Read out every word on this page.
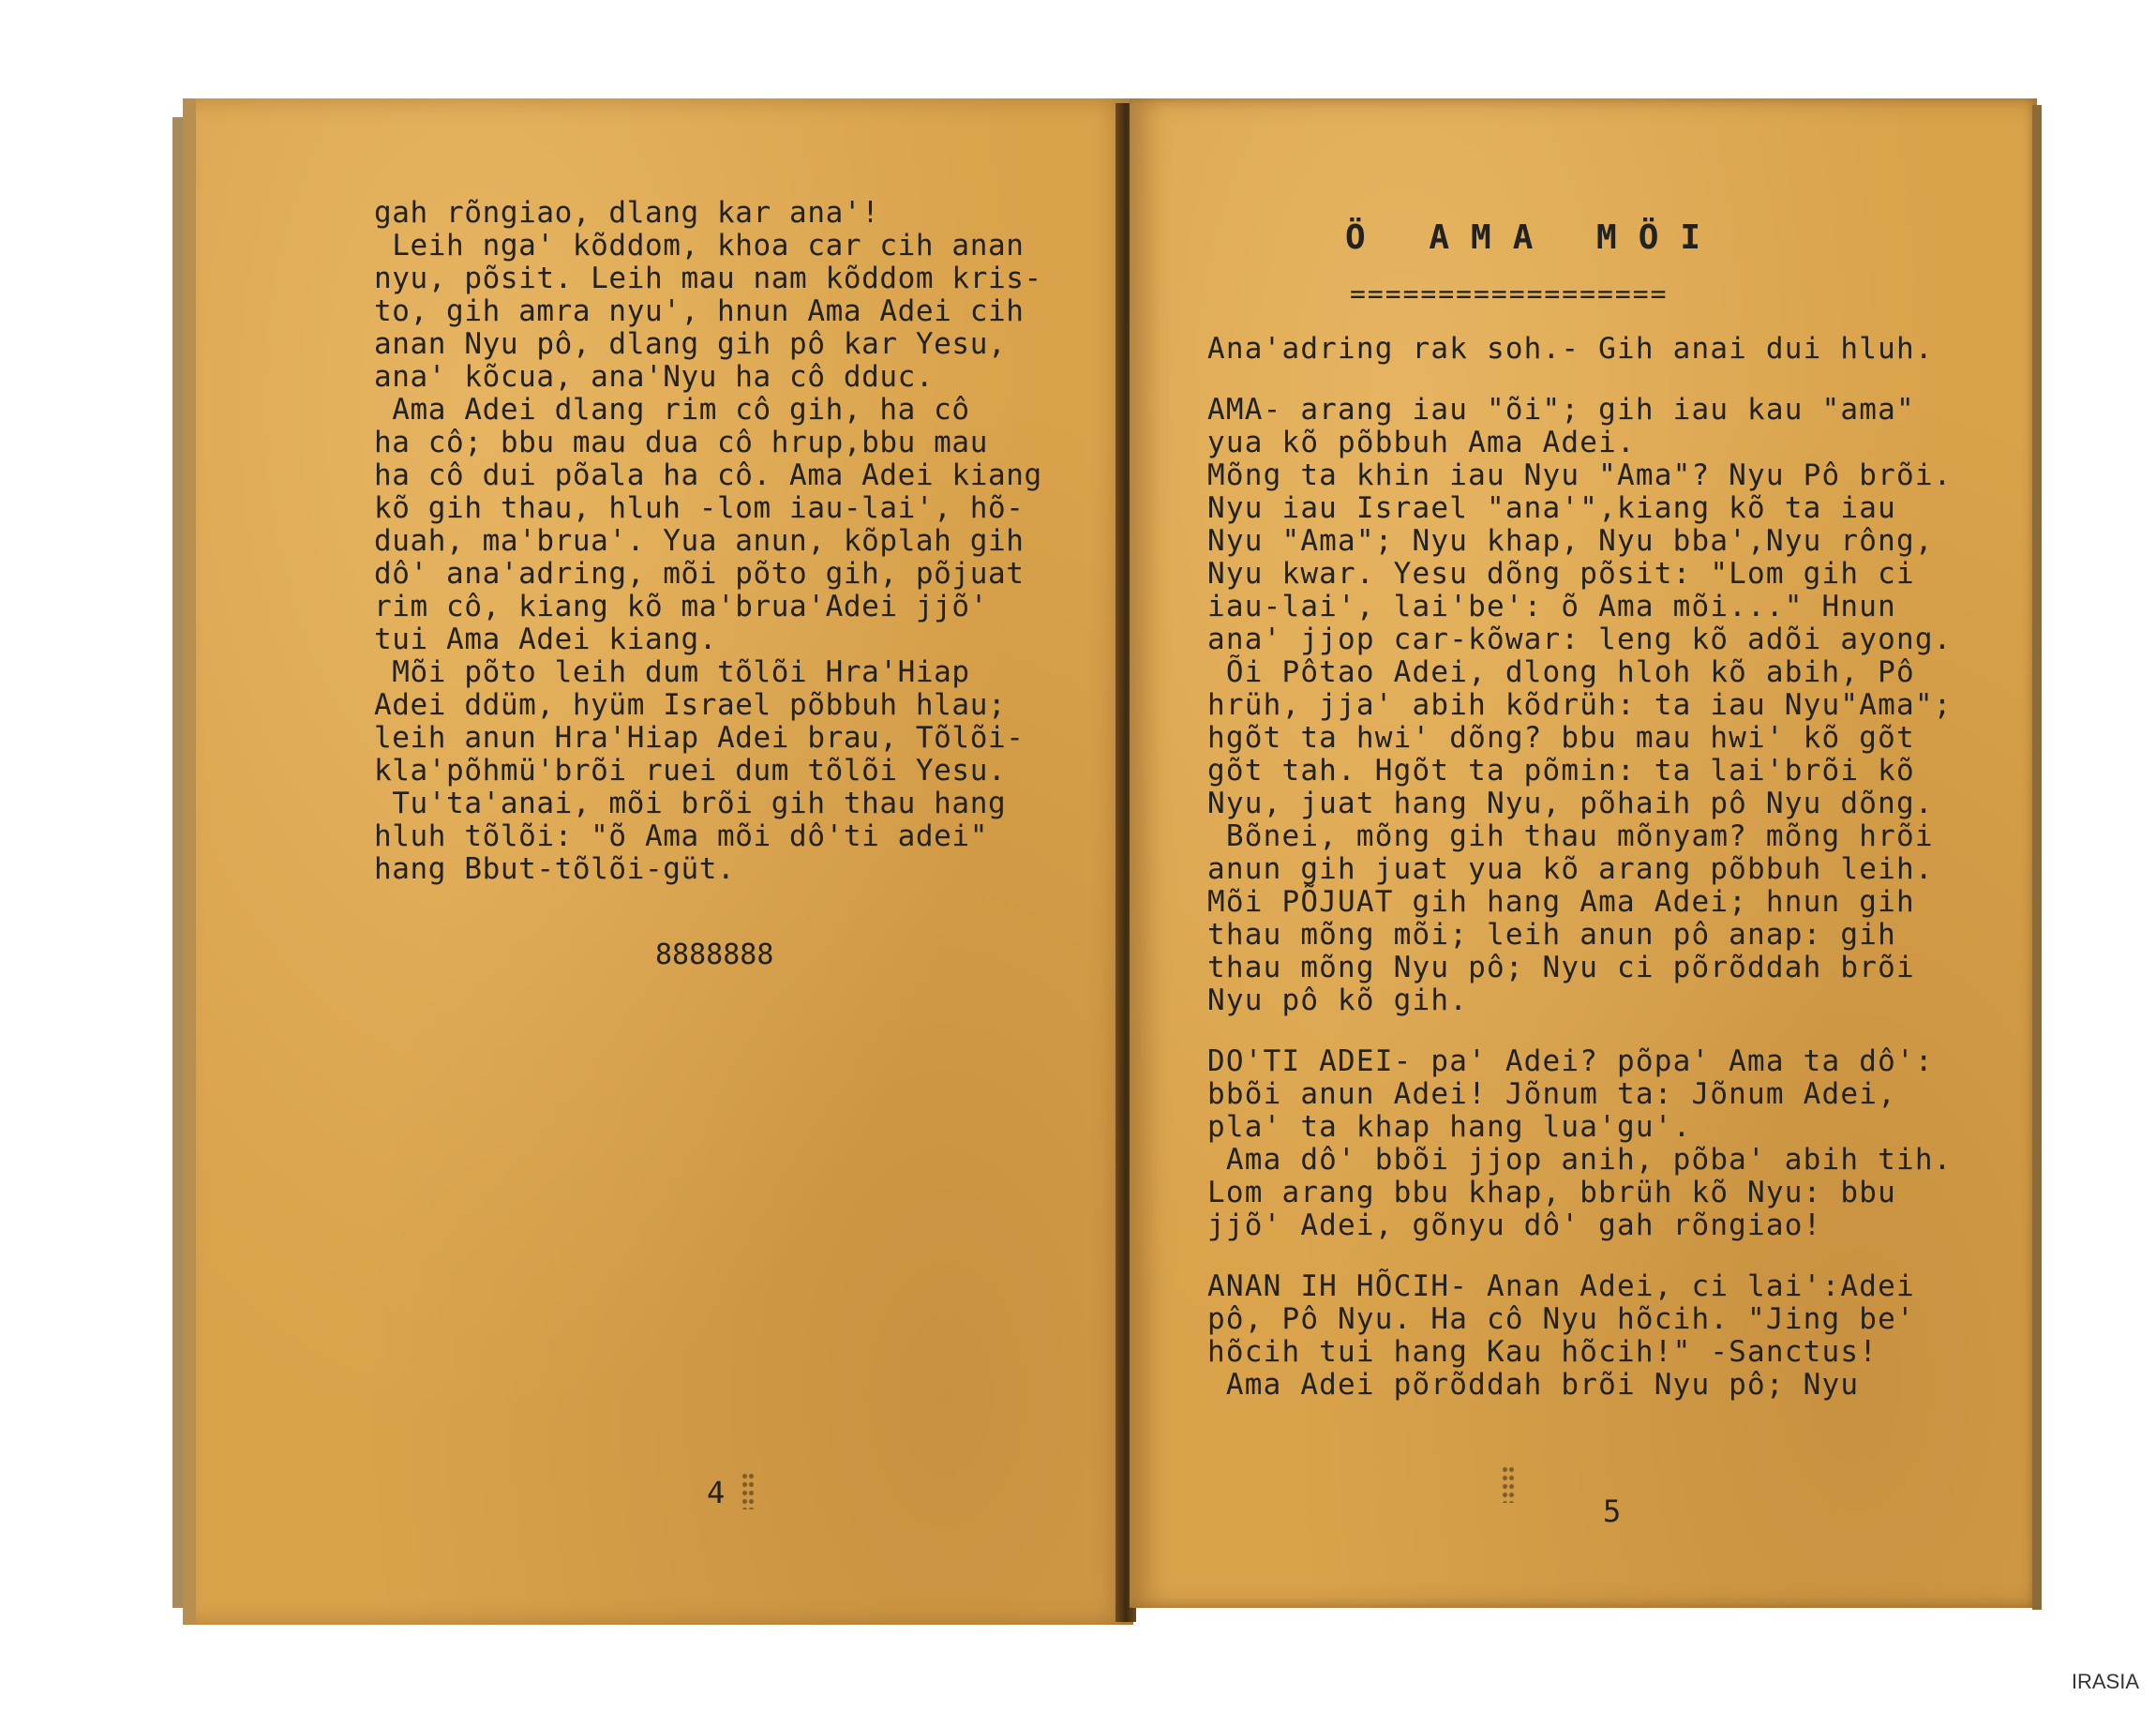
gah rõngiao, dlang kar ana'!
Leih nga' kõddom, khoa car cih anan
nyu, põsit. Leih mau nam kõddom kris-
to, gih amra nyu', hnun Ama Adei cih
anan Nyu pô, dlang gih pô kar Yesu,
ana' kõcua, ana'Nyu ha cô dduc.
Ama Adei dlang rim cô gih, ha cô
ha cô; bbu mau dua cô hrup,bbu mau
ha cô dui põala ha cô. Ama Adei kiang
kõ gih thau, hluh -lom iau-lai', hõ-
duah, ma'brua'. Yua anun, kõplah gih
dô' ana'adring, mõi põto gih, põjuat
rim cô, kiang kõ ma'brua'Adei jjõ'
tui Ama Adei kiang.
Mõi põto leih dum tõlõi Hra'Hiap
Adei ddüm, hyüm Israel põbbuh hlau;
leih anun Hra'Hiap Adei brau, Tõlõi-
kla'põhmü'brõi ruei dum tõlõi Yesu.
Tu'ta'anai, mõi brõi gih thau hang
hluh tõlõi: "õ Ama mõi dô'ti adei"
hang Bbut-tõlõi-güt.
8888888
4
Ö AMA MÖI
==================
Ana'adring rak soh.- Gih anai dui hluh.
AMA- arang iau "õi"; gih iau kau "ama"
yua kõ põbbuh Ama Adei.
Mõng ta khin iau Nyu "Ama"? Nyu Pô brõi.
Nyu iau Israel "ana'",kiang kõ ta iau
Nyu "Ama"; Nyu khap, Nyu bba',Nyu rông,
Nyu kwar. Yesu dõng põsit: "Lom gih ci
iau-lai', lai'be': õ Ama mõi..." Hnun
ana' jjop car-kõwar: leng kõ adõi ayong.
Õi Pôtao Adei, dlong hloh kõ abih, Pô
hrüh, jja' abih kõdrüh: ta iau Nyu"Ama";
hgõt ta hwi' dõng? bbu mau hwi' kõ gõt
gõt tah. Hgõt ta põmin: ta lai'brõi kõ
Nyu, juat hang Nyu, põhaih pô Nyu dõng.
Bõnei, mõng gih thau mõnyam? mõng hrõi
anun gih juat yua kõ arang põbbuh leih.
Mõi PÕJUAT gih hang Ama Adei; hnun gih
thau mõng mõi; leih anun pô anap: gih
thau mõng Nyu pô; Nyu ci põrõddah brõi
Nyu pô kõ gih.
DO'TI ADEI- pa' Adei? põpa' Ama ta dô':
bbõi anun Adei! Jõnum ta: Jõnum Adei,
pla' ta khap hang lua'gu'.
Ama dô' bbõi jjop anih, põba' abih tih.
Lom arang bbu khap, bbrüh kõ Nyu: bbu
jjõ' Adei, gõnyu dô' gah rõngiao!
ANAN IH HÕCIH- Anan Adei, ci lai':Adei
pô, Pô Nyu. Ha cô Nyu hõcih. "Jing be'
hõcih tui hang Kau hõcih!" -Sanctus!
Ama Adei põrõddah brõi Nyu pô; Nyu
5
IRASIA
